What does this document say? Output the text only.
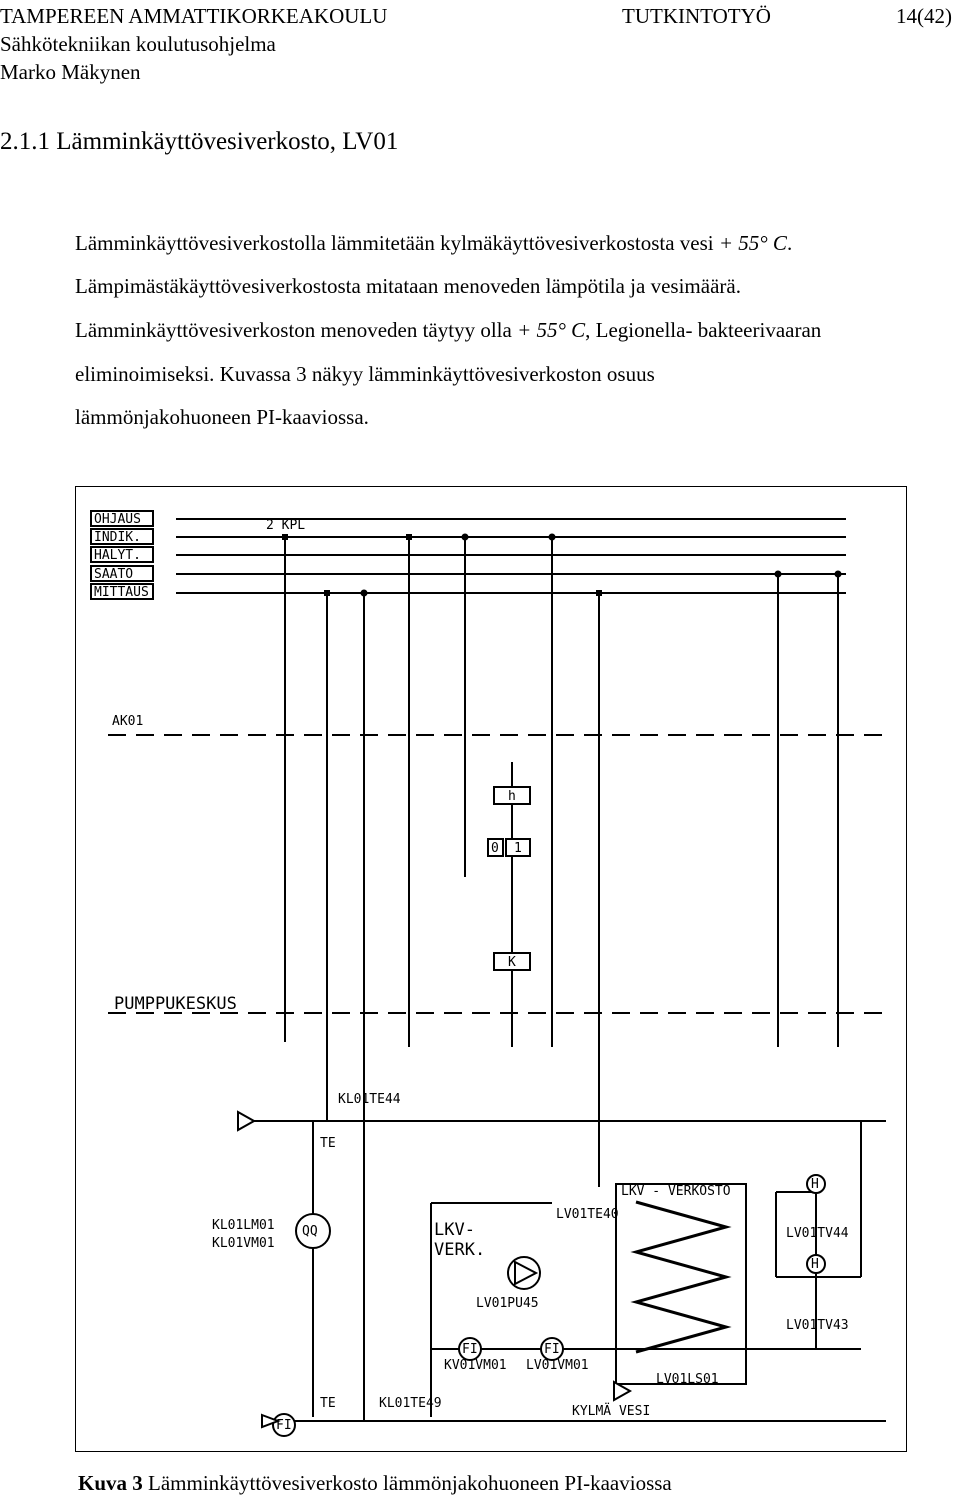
TAMPEREEN AMMATTIKORKEAKOULU	TUTKINTOTYÖ	14(42)
Sähkötekniikan koulutusohjelma
Marko Mäkynen
2.1.1 Lämminkäyttövesiverkosto, LV01
Lämminkäyttövesiverkostolla lämmitetään kylmäkäyttövesiverkostosta vesi + 55° C.
Lämpimästäkäyttövesiverkostosta mitataan menoveden lämpötila ja vesimäärä.
Lämminkäyttövesiverkoston menoveden täytyy olla + 55° C, Legionella- bakteerivaaran
eliminoimiseksi. Kuvassa 3 näkyy lämminkäyttövesiverkoston osuus
lämmönjakohuoneen PI-kaaviossa.
OHJAUS
INDIK.
HÄLYT.
SÄÄTÖ
MITTAUS
2 KPL
AK01
PUMPPUKESKUS
h
0 1
K
KL01TE44
TE
TE
KL01LM01
KL01VM01
QQ	LKV-
VERK.
LV01TE40
LV01PU45
LKV - VERKOSTO	H
H
LV01TV44
LV01TV43
FI	FI
FI
KV01VM01 LV01VM01
LV01LS01
KL01TE49
KYLMÄ VESI
Kuva 3 Lämminkäyttövesiverkosto lämmönjakohuoneen PI-kaaviossa
